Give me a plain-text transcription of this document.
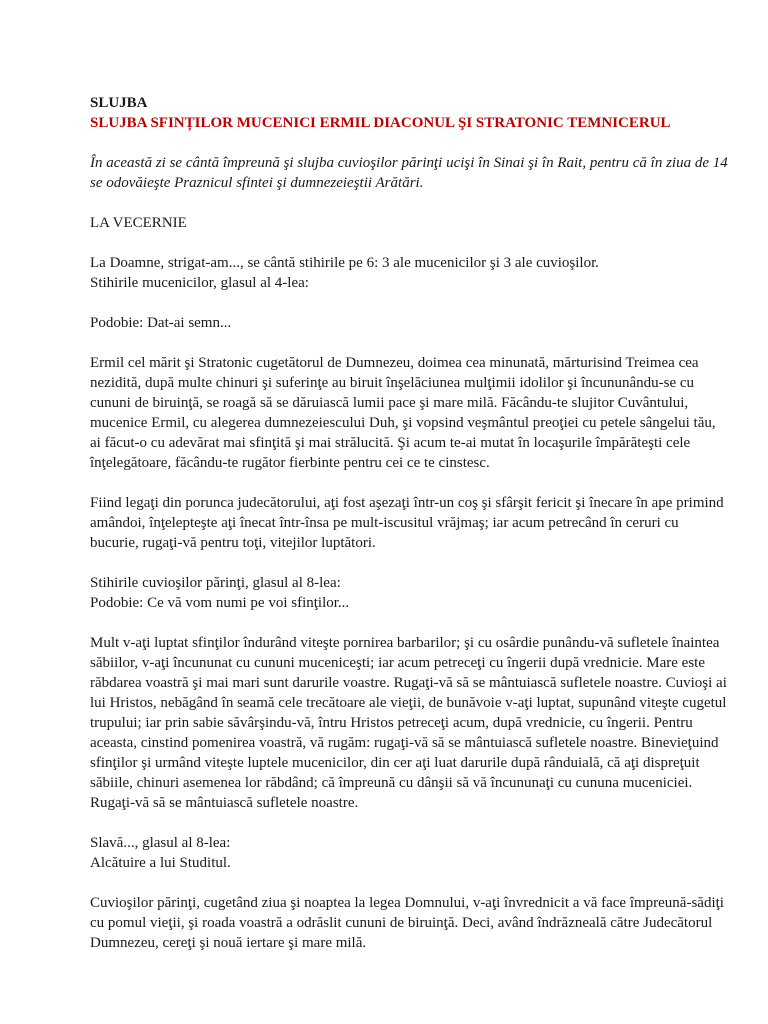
SLUJBA

SLUJBA SFINȚILOR MUCENICI ERMIL DIACONUL ŞI STRATONIC TEMNICERUL

În această zi se cântă împreună şi slujba cuvioşilor părinţi ucişi în Sinai şi în Rait, pentru că în ziua de 14 se odovăieşte Praznicul sfintei şi dumnezeieştii Arătări.

LA VECERNIE

La Doamne, strigat-am..., se cântă stihirile pe 6: 3 ale mucenicilor şi 3 ale cuvioşilor.

Stihirile mucenicilor, glasul al 4-lea:

Podobie: Dat-ai semn...

Ermil cel mărit şi Stratonic cugetătorul de Dumnezeu, doimea cea minunată, mărturisind Treimea cea nezidită, după multe chinuri şi suferinţe au biruit înşelăciunea mulţimii idolilor şi încununându-se cu cununi de biruinţă, se roagă să se dăruiască lumii pace şi mare milă. Făcându-te slujitor Cuvântului, mucenice Ermil, cu alegerea dumnezeiescului Duh, şi vopsind veşmântul preoţiei cu petele sângelui tău, ai făcut-o cu adevărat mai sfinţită şi mai strălucită. Şi acum te-ai mutat în locaşurile împărăteşti cele înţelegătoare, făcându-te rugător fierbinte pentru cei ce te cinstesc.

Fiind legaţi din porunca judecătorului, aţi fost aşezaţi într-un coş şi sfârşit fericit şi înecare în ape primind amândoi, înţelepteşte aţi înecat într-însa pe mult-iscusitul vrăjmaş; iar acum petrecând în ceruri cu bucurie, rugaţi-vă pentru toţi, vitejilor luptători.

Stihirile cuvioşilor părinţi, glasul al 8-lea:

Podobie: Ce vă vom numi pe voi sfinţilor...

Mult v-aţi luptat sfinţilor îndurând viteşte pornirea barbarilor; şi cu osârdie punându-vă sufletele înaintea săbiilor, v-aţi încununat cu cununi muceniceşti; iar acum petreceţi cu îngerii după vrednicie. Mare este răbdarea voastră şi mai mari sunt darurile voastre. Rugaţi-vă să se mântuiască sufletele noastre. Cuvioşi ai lui Hristos, nebăgând în seamă cele trecătoare ale vieţii, de bunăvoie v-aţi luptat, supunând viteşte cugetul trupului; iar prin sabie săvârşindu-vă, întru Hristos petreceţi acum, după vrednicie, cu îngerii. Pentru aceasta, cinstind pomenirea voastră, vă rugăm: rugaţi-vă să se mântuiască sufletele noastre. Binevieţuind sfinţilor şi urmând viteşte luptele mucenicilor, din cer aţi luat darurile după rânduială, că aţi dispreţuit săbiile, chinuri asemenea lor răbdând; că împreună cu dânşii să vă încununaţi cu cununa muceniciei. Rugaţi-vă să se mântuiască sufletele noastre.

Slavă..., glasul al 8-lea:

Alcătuire a lui Studitul.

Cuvioşilor părinţi, cugetând ziua şi noaptea la legea Domnului, v-aţi învrednicit a vă face împreună-sădiţi cu pomul vieţii, şi roada voastră a odrăslit cununi de biruinţă. Deci, având îndrăzneală către Judecătorul Dumnezeu, cereţi şi nouă iertare şi mare milă.
